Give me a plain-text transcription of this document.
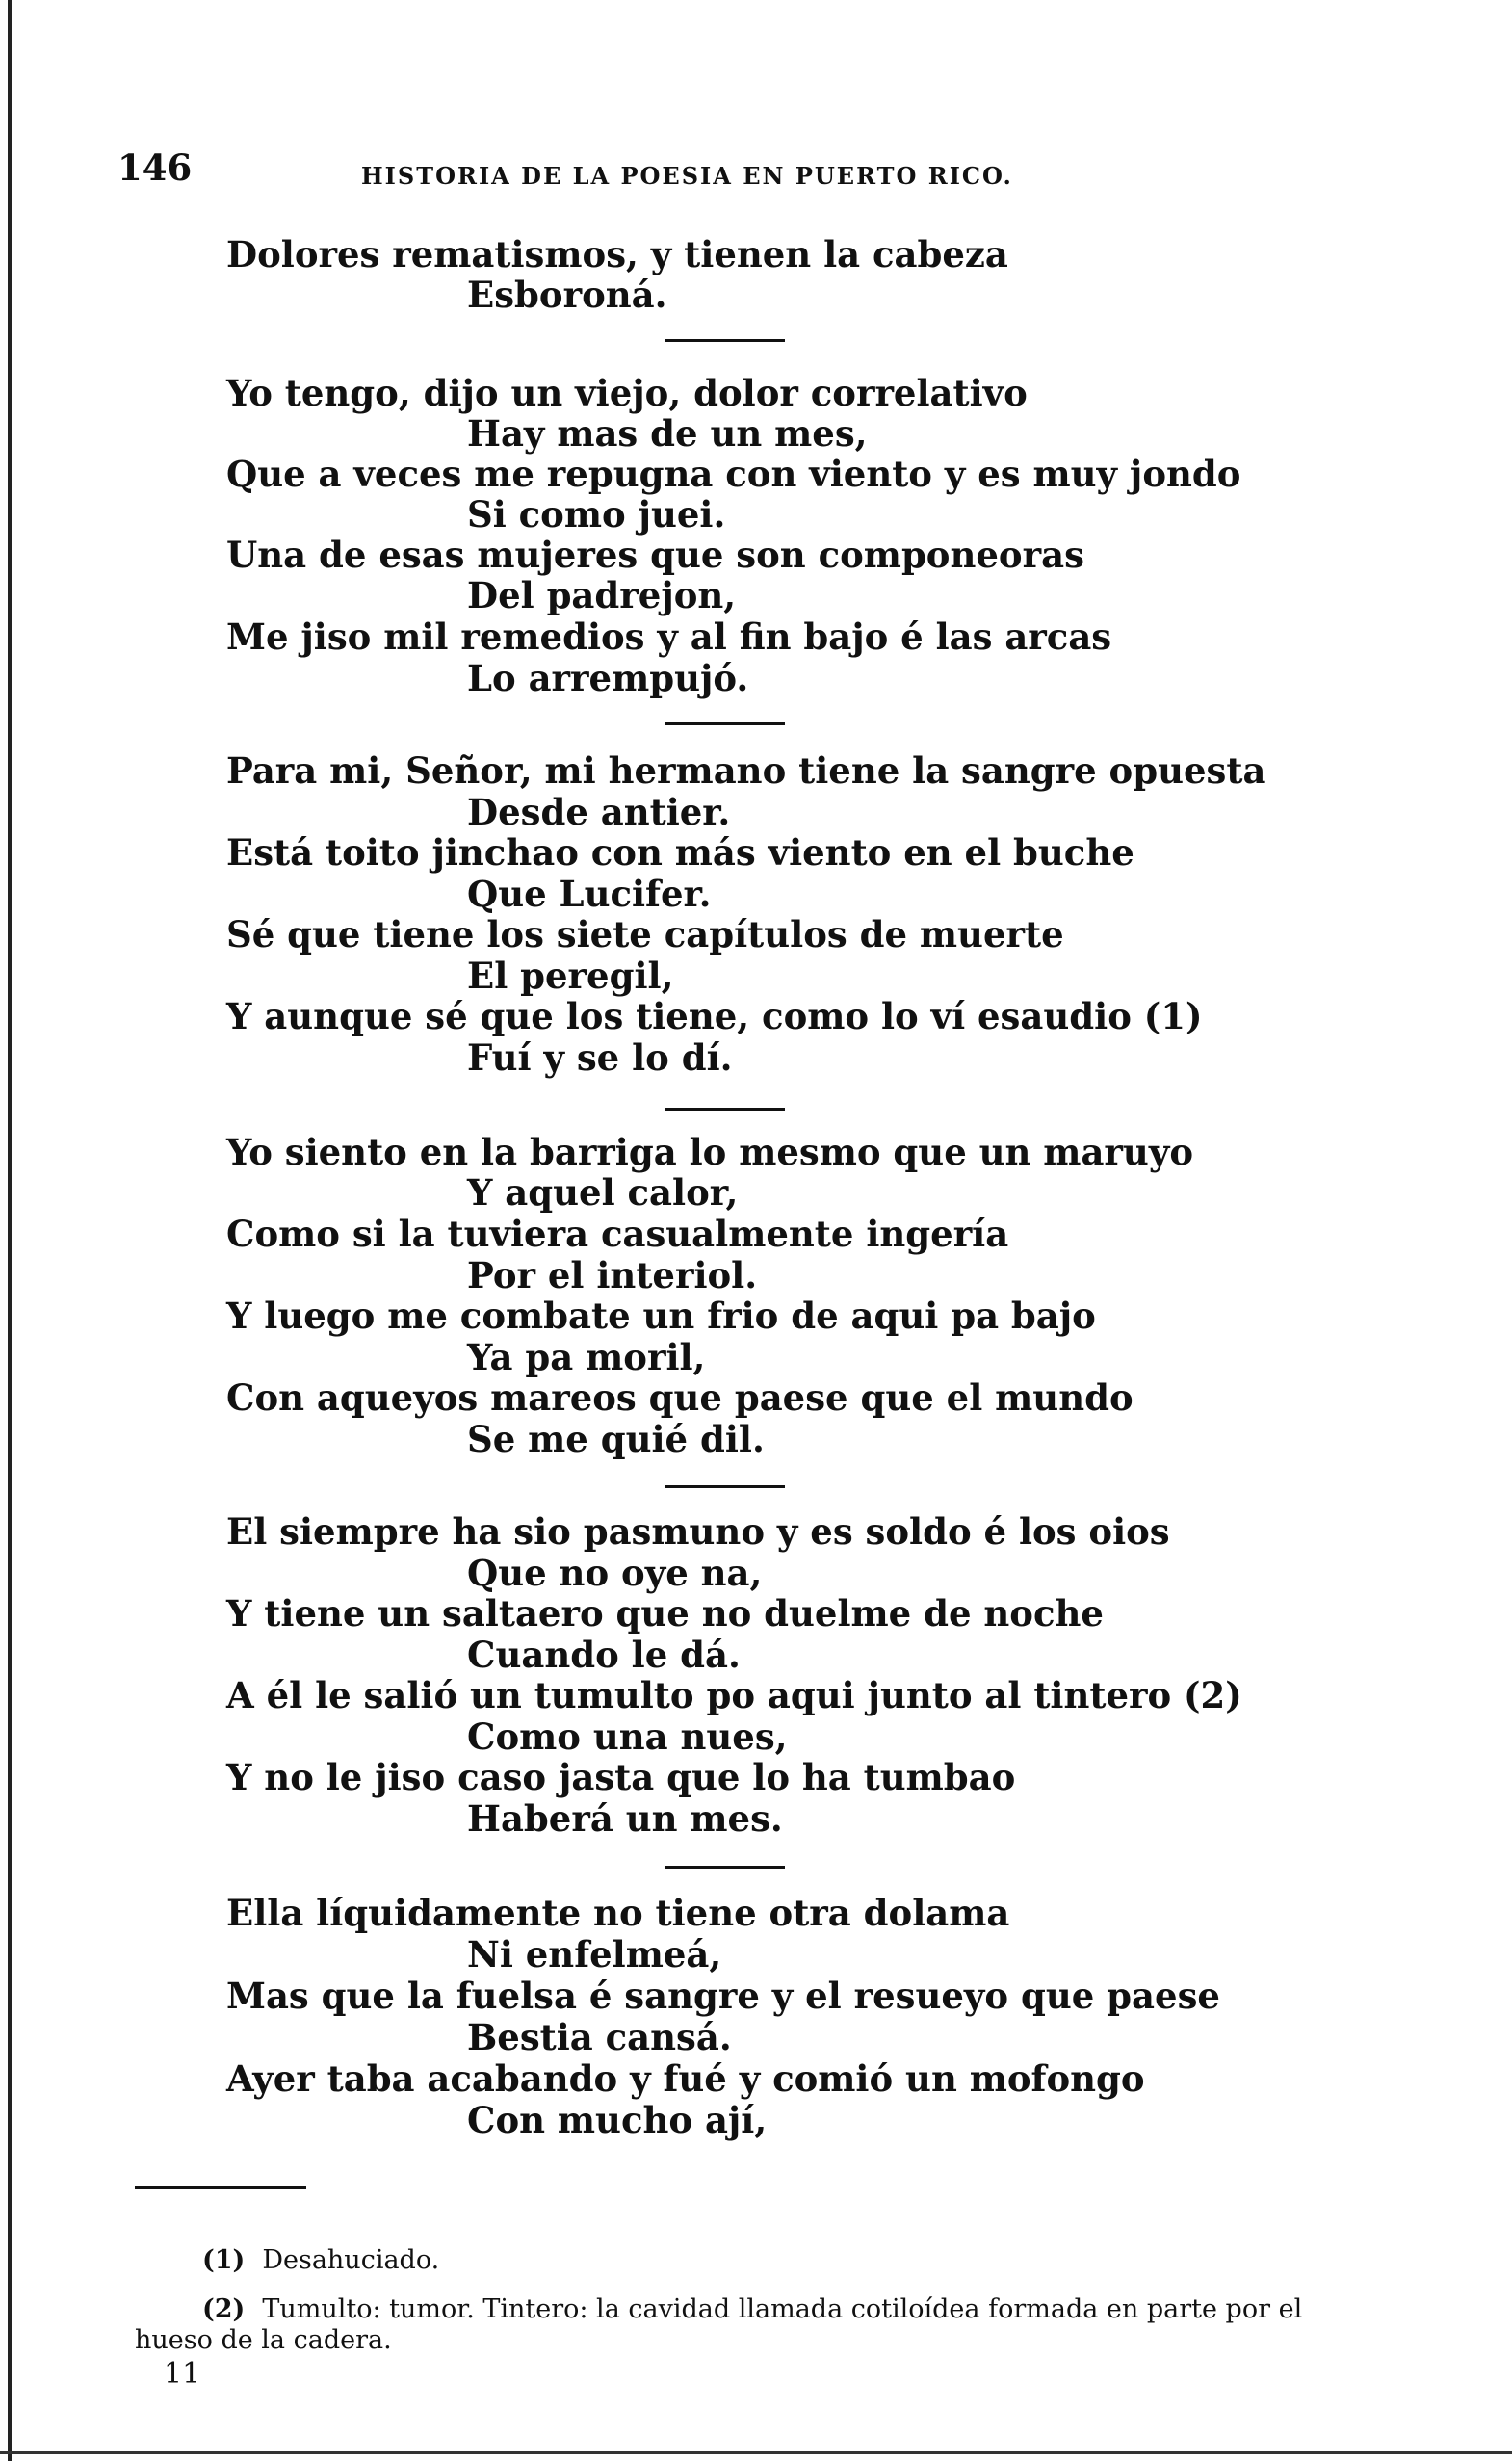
146	HISTORIA DE LA POESIA EN PUERTO RICO.
Dolores rematismos, y tienen la cabeza
Esboroná.
Yo tengo, dijo un viejo, dolor correlativo
Hay mas de un mes,
Que a veces me repugna con viento y es muy jondo
Si como juei.
Una de esas mujeres que son componeoras
Del padrejon,
Me jiso mil remedios y al fin bajo é las arcas
Lo arrempujó.
Para mi, Señor, mi hermano tiene la sangre opuesta
Desde antier.
Está toito jinchao con más viento en el buche
Que Lucifer.
Sé que tiene los siete capítulos de muerte
El peregil,
Y aunque sé que los tiene, como lo ví esaudio (1)
Fuí y se lo dí.
Yo siento en la barriga lo mesmo que un maruyo
Y aquel calor,
Como si la tuviera casualmente ingería
Por el interiol.
Y luego me combate un frio de aqui pa bajo
Ya pa moril,
Con aqueyos mareos que paese que el mundo
Se me quié dil.
El siempre ha sio pasmuno y es soldo é los oios
Que no oye na,
Y tiene un saltaero que no duelme de noche
Cuando le dá.
A él le salió un tumulto po aqui junto al tintero (2)
Como una nues,
Y no le jiso caso jasta que lo ha tumbao
Haberá un mes.
Ella líquidamente no tiene otra dolama
Ni enfelmeá,
Mas que la fuelsa é sangre y el resueyo que paese
Bestia cansá.
Ayer taba acabando y fué y comió un mofongo
Con mucho ají,
(1) Desahuciado.
(2) Tumulto: tumor. Tintero: la cavidad llamada cotiloídea formada en parte por el hueso de la cadera.
11
